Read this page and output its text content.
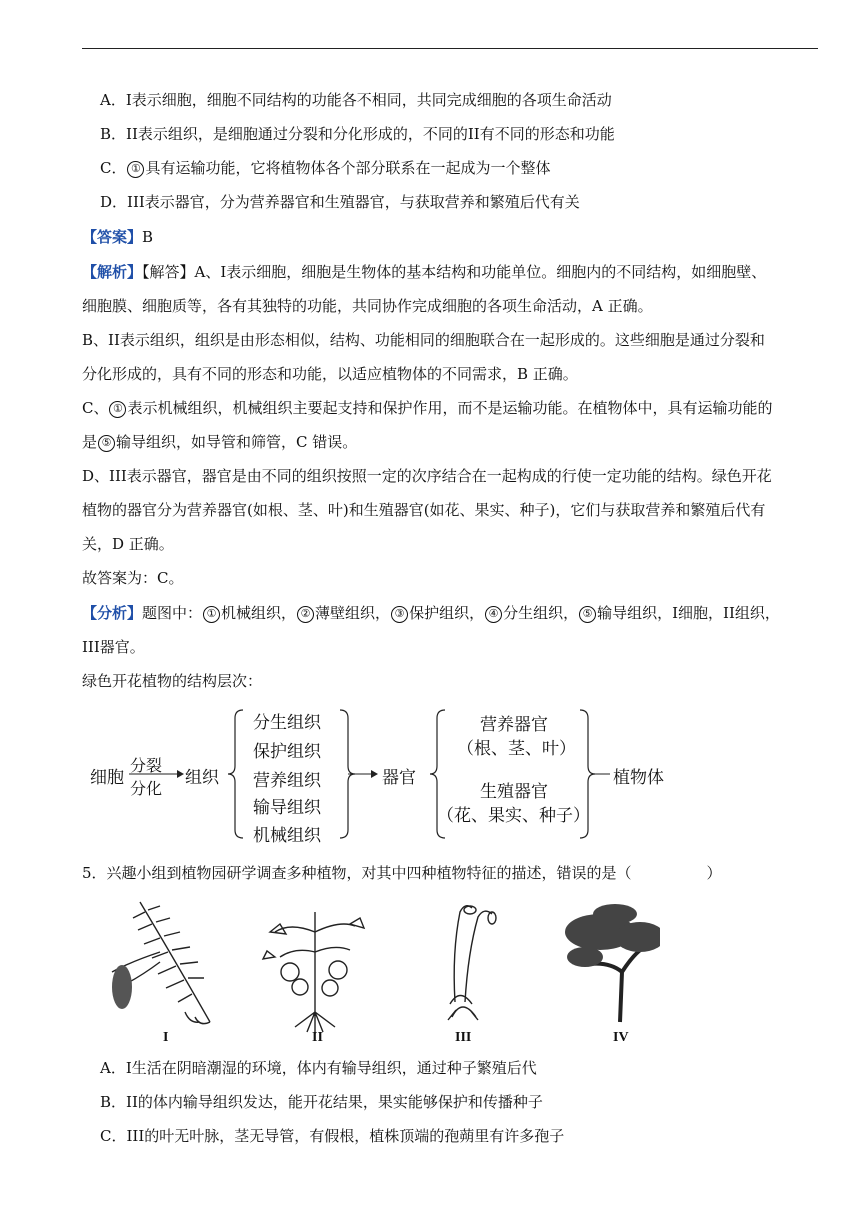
A．I表示细胞，细胞不同结构的功能各不相同，共同完成细胞的各项生命活动
B．II表示组织，是细胞通过分裂和分化形成的，不同的II有不同的形态和功能
C． ① 具有运输功能，它将植物体各个部分联系在一起成为一个整体
D．III表示器官，分为营养器官和生殖器官，与获取营养和繁殖后代有关
【答案】B
【解析】【解答】A、I表示细胞，细胞是生物体的基本结构和功能单位。细胞内的不同结构，如细胞壁、
细胞膜、细胞质等，各有其独特的功能，共同协作完成细胞的各项生命活动，A 正确。
B、II表示组织，组织是由形态相似，结构、功能相同的细胞联合在一起形成的。这些细胞是通过分裂和
分化形成的，具有不同的形态和功能，以适应植物体的不同需求，B 正确。
C、 ① 表示机械组织，机械组织主要起支持和保护作用，而不是运输功能。在植物体中，具有运输功能的
是 ⑤ 输导组织，如导管和筛管，C 错误。
D、III表示器官，器官是由不同的组织按照一定的次序结合在一起构成的行使一定功能的结构。绿色开花
植物的器官分为营养器官(如根、茎、叶)和生殖器官(如花、果实、种子)，它们与获取营养和繁殖后代有
关，D 正确。
故答案为：C。
【分析】题图中： ① 机械组织， ② 薄壁组织， ③ 保护组织， ④ 分生组织， ⑤ 输导组织，I细胞，II组织，
III器官。
绿色开花植物的结构层次：
细胞
分裂
分化
组织
分生组织
保护组织
营养组织
输导组织
机械组织
器官
营养器官
（根、茎、叶）
生殖器官
（花、果实、种子）
植物体
5．兴趣小组到植物园研学调查多种植物，对其中四种植物特征的描述，错误的是（　　　　　）
I	II	III	IV
A．I生活在阴暗潮湿的环境，体内有输导组织，通过种子繁殖后代
B．II的体内输导组织发达，能开花结果，果实能够保护和传播种子
C．III的叶无叶脉，茎无导管，有假根，植株顶端的孢蒴里有许多孢子
